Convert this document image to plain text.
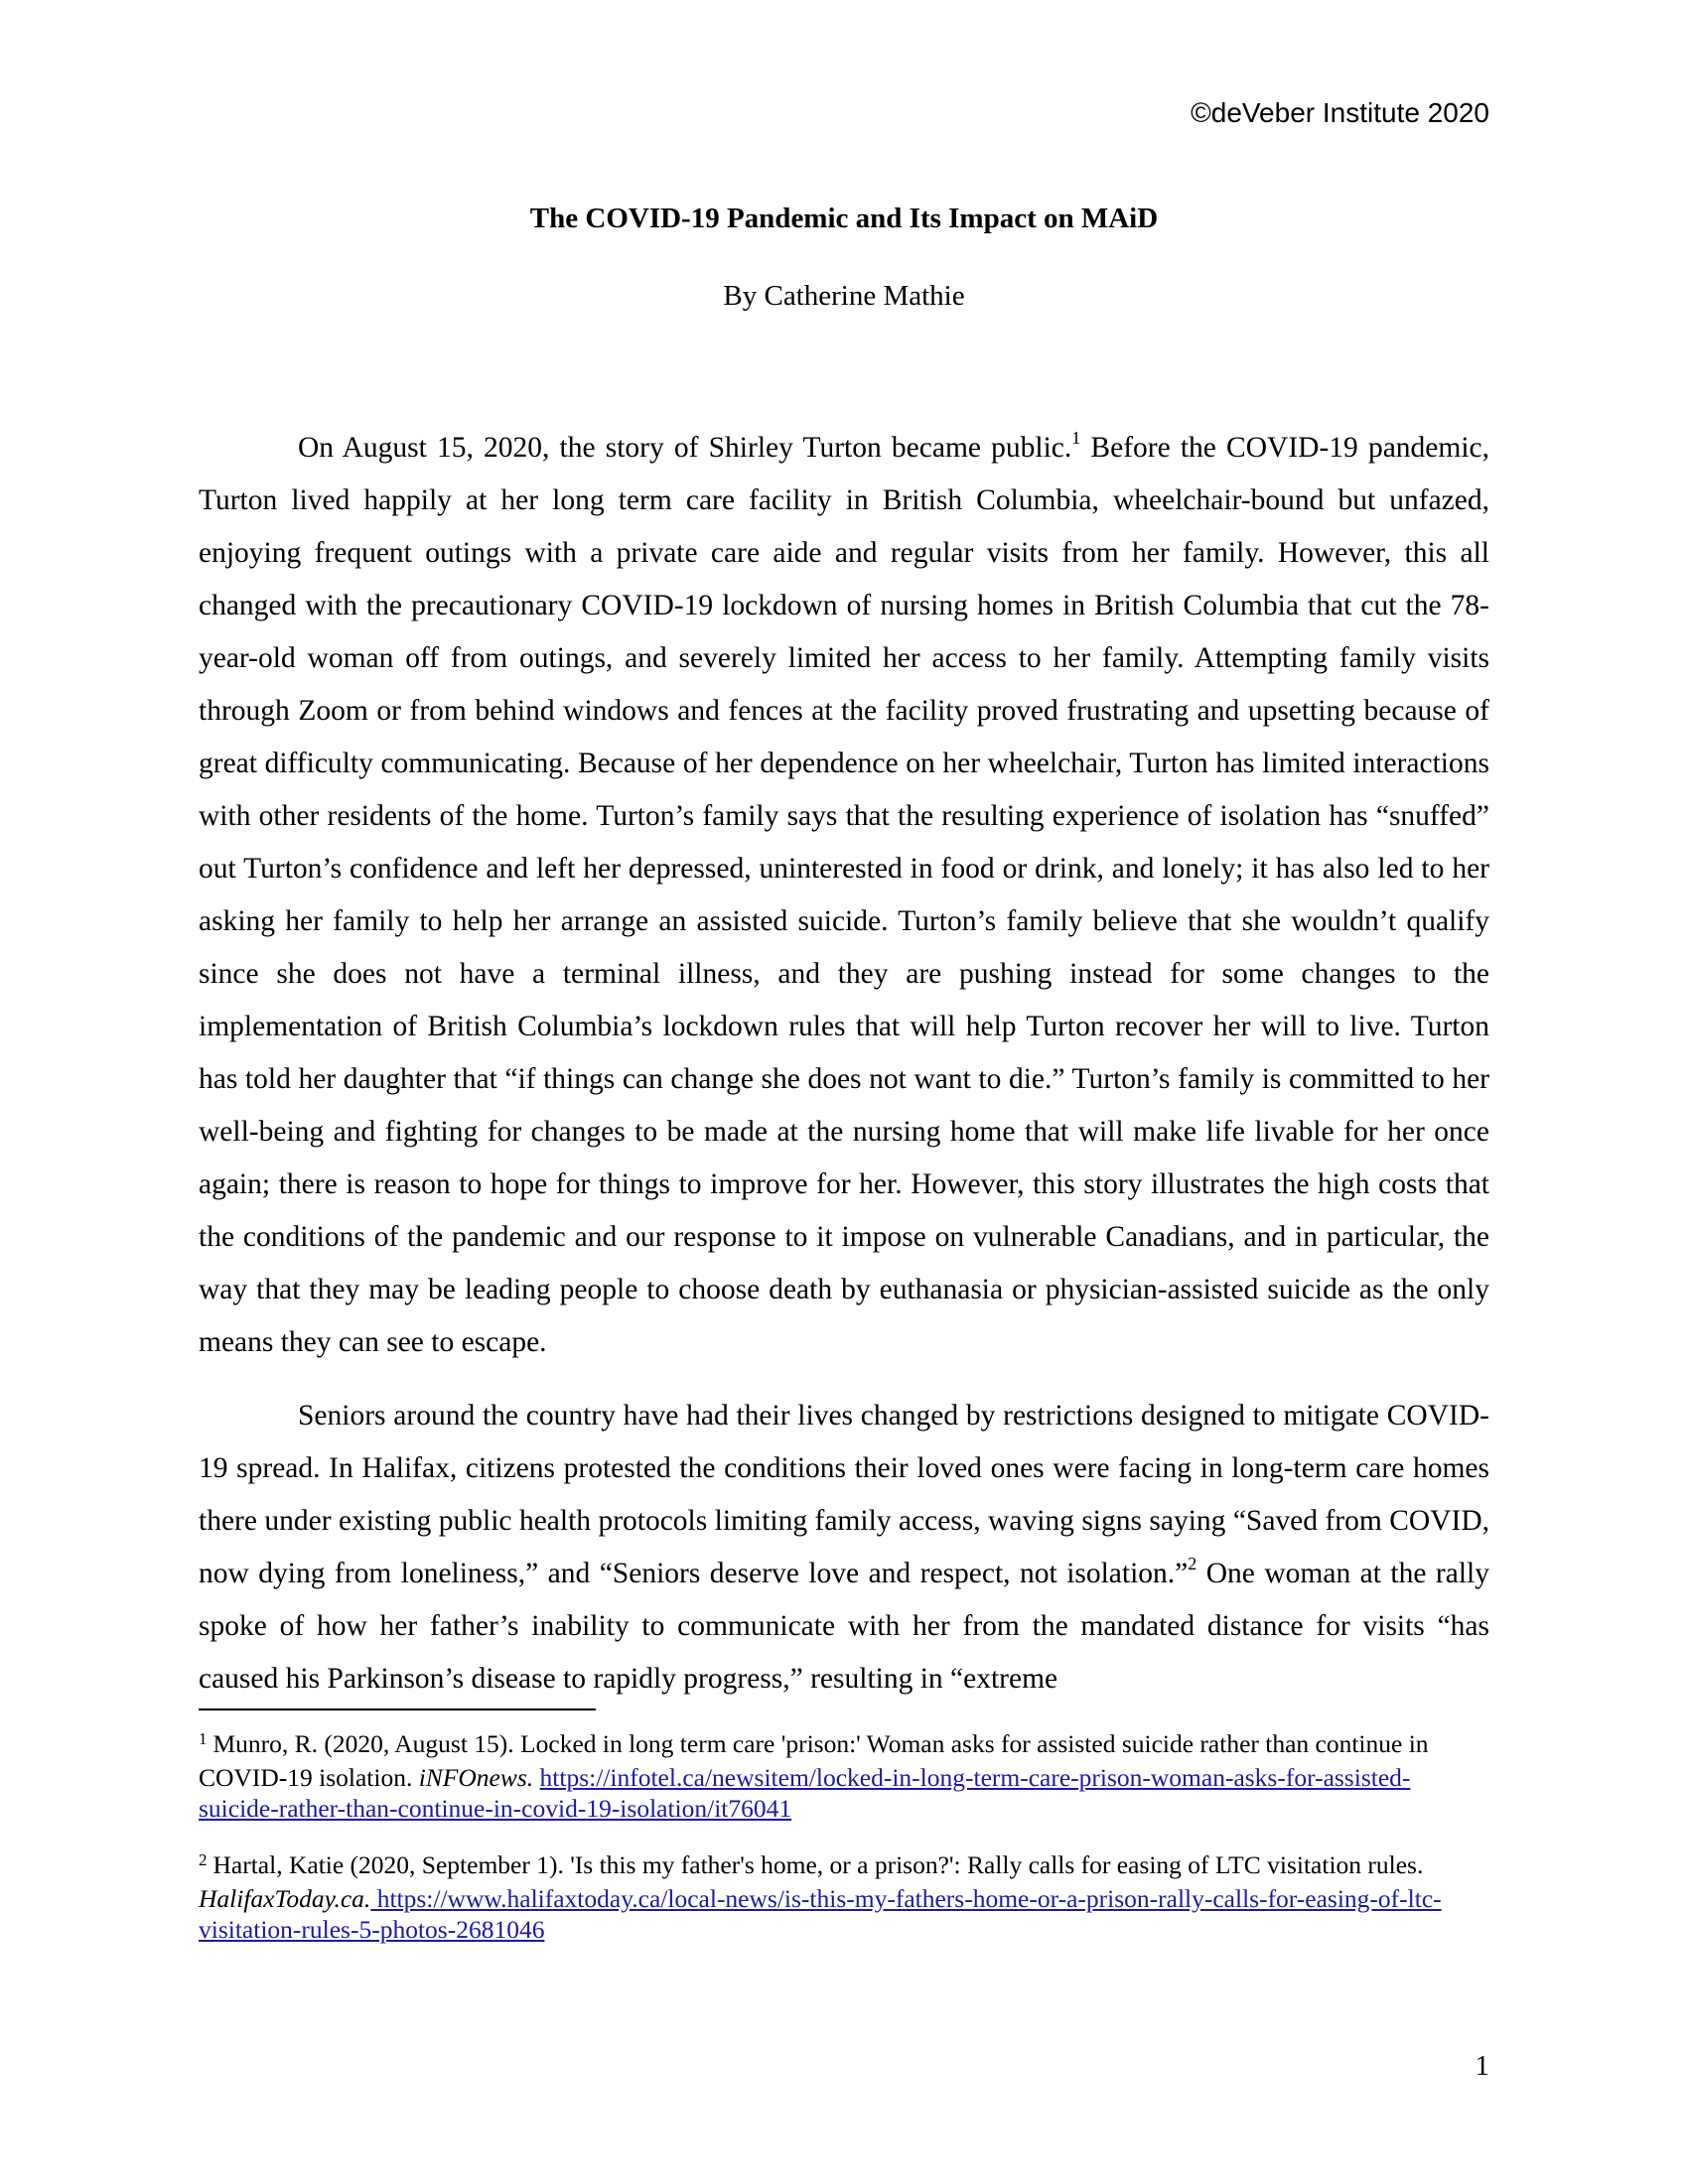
©deVeber Institute 2020
The COVID-19 Pandemic and Its Impact on MAiD
By Catherine Mathie

On August 15, 2020, the story of Shirley Turton became public.$^1$ Before the COVID-19 pandemic, Turton lived happily at her long term care facility in British Columbia, wheelchair-bound but unfazed, enjoying frequent outings with a private care aide and regular visits from her family. However, this all changed with the precautionary COVID-19 lockdown of nursing homes in British Columbia that cut the 78-year-old woman off from outings, and severely limited her access to her family. Attempting family visits through Zoom or from behind windows and fences at the facility proved frustrating and upsetting because of great difficulty communicating. Because of her dependence on her wheelchair, Turton has limited interactions with other residents of the home. Turton’s family says that the resulting experience of isolation has “snuffed” out Turton’s confidence and left her depressed, uninterested in food or drink, and lonely; it has also led to her asking her family to help her arrange an assisted suicide. Turton’s family believe that she wouldn’t qualify since she does not have a terminal illness, and they are pushing instead for some changes to the implementation of British Columbia’s lockdown rules that will help Turton recover her will to live. Turton has told her daughter that “if things can change she does not want to die.” Turton’s family is committed to her well-being and fighting for changes to be made at the nursing home that will make life livable for her once again; there is reason to hope for things to improve for her. However, this story illustrates the high costs that the conditions of the pandemic and our response to it impose on vulnerable Canadians, and in particular, the way that they may be leading people to choose death by euthanasia or physician-assisted suicide as the only means they can see to escape.

Seniors around the country have had their lives changed by restrictions designed to mitigate COVID-19 spread. In Halifax, citizens protested the conditions their loved ones were facing in long-term care homes there under existing public health protocols limiting family access, waving signs saying “Saved from COVID, now dying from loneliness,” and “Seniors deserve love and respect, not isolation.”$^2$ One woman at the rally spoke of how her father’s inability to communicate with her from the mandated distance for visits “has caused his Parkinson’s disease to rapidly progress,” resulting in “extreme

$^1$ Munro, R. (2020, August 15). Locked in long term care 'prison:' Woman asks for assisted suicide rather than continue in COVID-19 isolation. iNFOnews. https://infotel.ca/newsitem/locked-in-long-term-care-prison-woman-asks-for-assisted-suicide-rather-than-continue-in-covid-19-isolation/it76041
$^2$ Hartal, Katie (2020, September 1). 'Is this my father's home, or a prison?': Rally calls for easing of LTC visitation rules. HalifaxToday.ca. https://www.halifaxtoday.ca/local-news/is-this-my-fathers-home-or-a-prison-rally-calls-for-easing-of-ltc-visitation-rules-5-photos-2681046
1
